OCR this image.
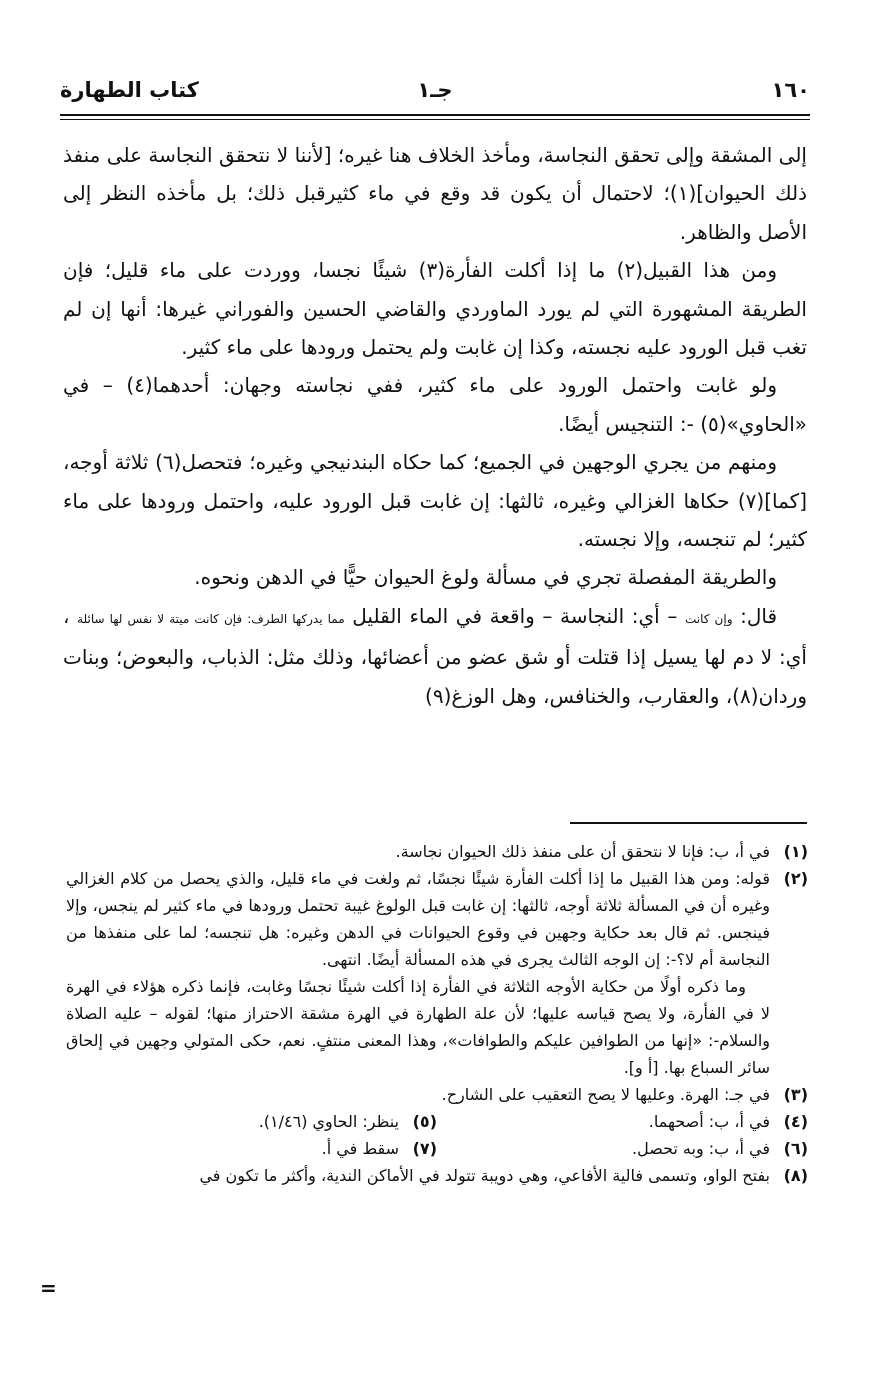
١٦٠
جـ١
كتاب الطهارة

إلى المشقة وإلى تحقق النجاسة، ومأخذ الخلاف هنا غيره؛ [لأننا لا نتحقق النجاسة على منفذ ذلك الحيوان](١)؛ لاحتمال أن يكون قد وقع في ماء كثيرقبل ذلك؛ بل مأخذه النظر إلى الأصل والظاهر.

ومن هذا القبيل(٢) ما إذا أكلت الفأرة(٣) شيئًا نجسا، ووردت على ماء قليل؛ فإن الطريقة المشهورة التي لم يورد الماوردي والقاضي الحسين والفوراني غيرها: أنها إن لم تغب قبل الورود عليه نجسته، وكذا إن غابت ولم يحتمل ورودها على ماء كثير.

ولو غابت واحتمل الورود على ماء كثير، ففي نجاسته وجهان: أحدهما(٤) – في «الحاوي»(٥) -: التنجيس أيضًا.

ومنهم من يجري الوجهين في الجميع؛ كما حكاه البندنيجي وغيره؛ فتحصل(٦) ثلاثة أوجه، [كما](٧) حكاها الغزالي وغيره، ثالثها: إن غابت قبل الورود عليه، واحتمل ورودها على ماء كثير؛ لم تنجسه، وإلا نجسته.

والطريقة المفصلة تجري في مسألة ولوغ الحيوان حيًّا في الدهن ونحوه.

قال: وإن كانت – أي: النجاسة – واقعة في الماء القليل مما يدركها الطرف: فإن كانت ميتة لا نفس لها سائلة ، أي: لا دم لها يسيل إذا قتلت أو شق عضو من أعضائها، وذلك مثل: الذباب، والبعوض؛ وبنات وردان(٨)، والعقارب، والخنافس، وهل الوزغ(٩)

(١)
في أ، ب: فإنا لا نتحقق أن على منفذ ذلك الحيوان نجاسة.
(٢)
قوله: ومن هذا القبيل ما إذا أكلت الفأرة شيئًا نجسًا، ثم ولغت في ماء قليل، والذي يحصل من كلام الغزالي وغيره أن في المسألة ثلاثة أوجه، ثالثها: إن غابت قبل الولوغ غيبة تحتمل ورودها في ماء كثير لم ينجس، وإلا فينجس. ثم قال بعد حكاية وجهين في وقوع الحيوانات في الدهن وغيره: هل تنجسه؛ لما على منفذها من النجاسة أم لا؟-: إن الوجه الثالث يجرى في هذه المسألة أيضًا. انتهى.
وما ذكره أولًا من حكاية الأوجه الثلاثة في الفأرة إذا أكلت شيئًا نجسًا وغابت، فإنما ذكره هؤلاء في الهرة لا في الفأرة، ولا يصح قياسه عليها؛ لأن علة الطهارة في الهرة مشقة الاحتراز منها؛ لقوله – عليه الصلاة والسلام-: «إنها من الطوافين عليكم والطوافات»، وهذا المعنى منتفٍ. نعم، حكى المتولي وجهين في إلحاق سائر السباع بها. [أ و].
(٣)
في جـ: الهرة. وعليها لا يصح التعقيب على الشارح.
(٤)
في أ، ب: أصحهما.
(٥)
ينظر: الحاوي (١/٤٦).
(٦)
في أ، ب: وبه تحصل.
(٧)
سقط في أ.
(٨)
بفتح الواو، وتسمى فالية الأفاعي، وهي دويبة تتولد في الأماكن الندية، وأكثر ما تكون في
=
